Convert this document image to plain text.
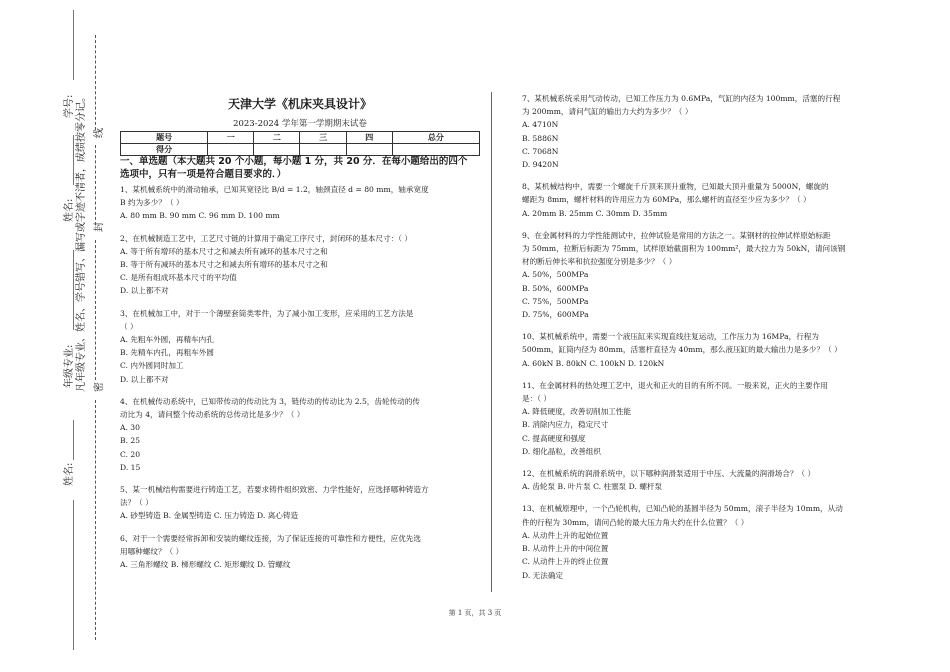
学号:
姓名:
年级专业:
姓名:
凡年级专业、姓名、学号错写、漏写或字迹不清者，成绩按零分记。 密
封
线
天津大学《机床夹具设计》
2023-2024 学年第一学期期末试卷
题号	一	二	三	四	总分
得分					
一、单选题（本大题共 20 个小题，每小题 1 分，共 20 分．在每小题给出的四个
选项中，只有一项是符合题目要求的．）
1、某机械系统中的滑动轴承，已知其宽径比 B/d = 1.2，轴颈直径 d = 80 mm，轴承宽度
B 约为多少？（ ）
A. 80 mm B. 90 mm C. 96 mm D. 100 mm
2、在机械制造工艺中，工艺尺寸链的计算用于确定工序尺寸，封闭环的基本尺寸：（ ）
A. 等于所有增环的基本尺寸之和减去所有减环的基本尺寸之和
B. 等于所有减环的基本尺寸之和减去所有增环的基本尺寸之和
C. 是所有组成环基本尺寸的平均值
D. 以上都不对
3、在机械加工中，对于一个薄壁套筒类零件，为了减小加工变形，应采用的工艺方法是
（ ）
A. 先粗车外圆，再精车内孔
B. 先精车内孔，再粗车外圆
C. 内外圆同时加工
D. 以上都不对
4、在机械传动系统中，已知带传动的传动比为 3，链传动的传动比为 2.5，齿轮传动的传
动比为 4，请问整个传动系统的总传动比是多少？（ ）
A. 30
B. 25
C. 20
D. 15
5、某一机械结构需要进行铸造工艺，若要求铸件组织致密、力学性能好，应选择哪种铸造方
法？（ ）
A. 砂型铸造 B. 金属型铸造 C. 压力铸造 D. 离心铸造
6、对于一个需要经常拆卸和安装的螺纹连接，为了保证连接的可靠性和方便性，应优先选
用哪种螺纹？（ ）
A. 三角形螺纹 B. 梯形螺纹 C. 矩形螺纹 D. 管螺纹
7、某机械系统采用气动传动，已知工作压力为 0.6MPa，气缸的内径为 100mm，活塞的行程
为 200mm，请问气缸的输出力大约为多少？（ ）
A. 4710N
B. 5886N
C. 7068N
D. 9420N
8、某机械结构中，需要一个螺旋千斤顶来顶升重物，已知最大顶升重量为 5000N，螺旋的
螺距为 8mm，螺杆材料的许用应力为 60MPa，那么螺杆的直径至少应为多少？（ ）
A. 20mm B. 25mm C. 30mm D. 35mm
9、在金属材料的力学性能测试中，拉伸试验是常用的方法之一。某钢材的拉伸试样原始标距
为 50mm，拉断后标距为 75mm，试样原始截面积为 100mm²，最大拉力为 50kN，请问该钢
材的断后伸长率和抗拉强度分别是多少？（ ）
A. 50%，500MPa
B. 50%，600MPa
C. 75%，500MPa
D. 75%，600MPa
10、某机械系统中，需要一个液压缸来实现直线往复运动，工作压力为 16MPa，行程为
500mm，缸筒内径为 80mm，活塞杆直径为 40mm，那么液压缸的最大输出力是多少？（ ）
A. 60kN B. 80kN C. 100kN D. 120kN
11、在金属材料的热处理工艺中，退火和正火的目的有所不同。一般来说，正火的主要作用
是：（ ）
A. 降低硬度，改善切削加工性能
B. 消除内应力，稳定尺寸
C. 提高硬度和强度
D. 细化晶粒，改善组织
12、在机械系统的润滑系统中，以下哪种润滑泵适用于中压、大流量的润滑场合？（ ）
A. 齿轮泵 B. 叶片泵 C. 柱塞泵 D. 螺杆泵
13、在机械原理中，一个凸轮机构，已知凸轮的基圆半径为 50mm，滚子半径为 10mm，从动
件的行程为 30mm，请问凸轮的最大压力角大约在什么位置？（ ）
A. 从动件上升的起始位置
B. 从动件上升的中间位置
C. 从动件上升的终止位置
D. 无法确定
第 1 页，共 3 页
